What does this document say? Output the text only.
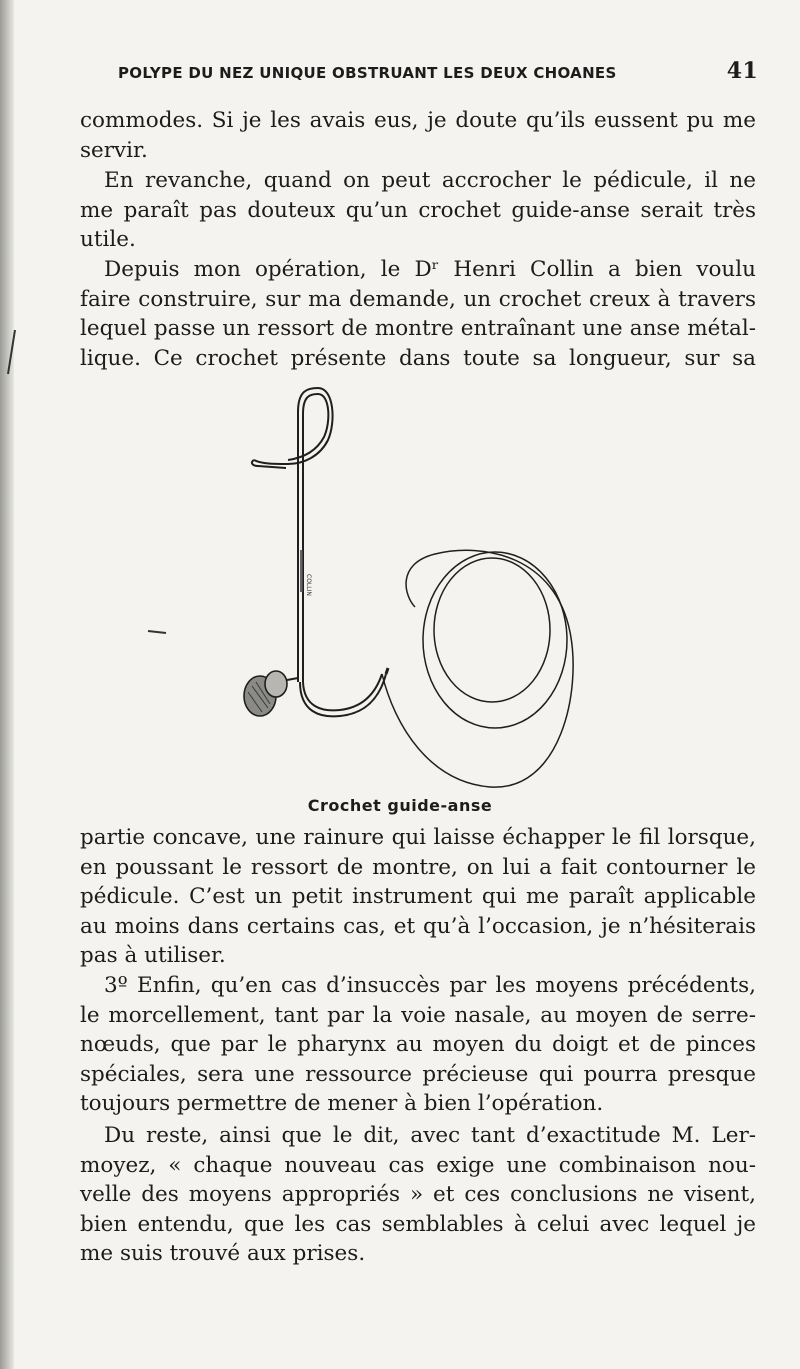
POLYPE DU NEZ UNIQUE OBSTRUANT LES DEUX CHOANES	41
commodes. Si je les avais eus, je doute qu’ils eussent pu me
servir.
En revanche, quand on peut accrocher le pédicule, il ne
me paraît pas douteux qu’un crochet guide-anse serait très
utile.
Depuis mon opération, le Dʳ Henri Collin a bien voulu
faire construire, sur ma demande, un crochet creux à travers
lequel passe un ressort de montre entraînant une anse métal-
lique. Ce crochet présente dans toute sa longueur, sur sa
COLLIN
Crochet guide-anse
partie concave, une rainure qui laisse échapper le fil lorsque,
en poussant le ressort de montre, on lui a fait contourner le
pédicule. C’est un petit instrument qui me paraît applicable
au moins dans certains cas, et qu’à l’occasion, je n’hésiterais
pas à utiliser.
3º Enfin, qu’en cas d’insuccès par les moyens précédents,
le morcellement, tant par la voie nasale, au moyen de serre-
nœuds, que par le pharynx au moyen du doigt et de pinces
spéciales, sera une ressource précieuse qui pourra presque
toujours permettre de mener à bien l’opération.
Du reste, ainsi que le dit, avec tant d’exactitude M. Ler-
moyez, « chaque nouveau cas exige une combinaison nou-
velle des moyens appropriés » et ces conclusions ne visent,
bien entendu, que les cas semblables à celui avec lequel je
me suis trouvé aux prises.
